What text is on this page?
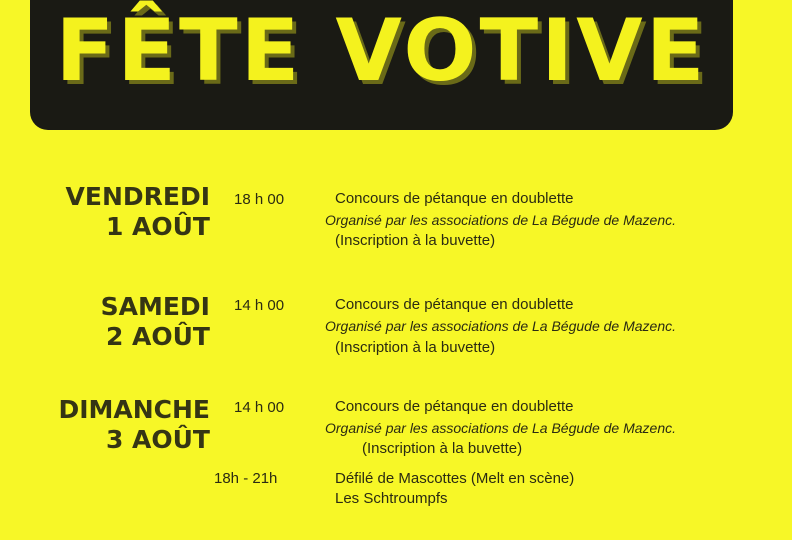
FÊTE VOTIVE
VENDREDI
1 AOÛT
18 h 00	Concours de pétanque en doublette
Organisé par les associations de La Bégude de Mazenc.
(Inscription à la buvette)
SAMEDI
2 AOÛT
14 h 00	Concours de pétanque en doublette
Organisé par les associations de La Bégude de Mazenc.
(Inscription à la buvette)
DIMANCHE
3 AOÛT
14 h 00	Concours de pétanque en doublette
Organisé par les associations de La Bégude de Mazenc.
(Inscription à la buvette)
18h - 21h	Défilé de Mascottes (Melt en scène)
Les Schtroumpfs
